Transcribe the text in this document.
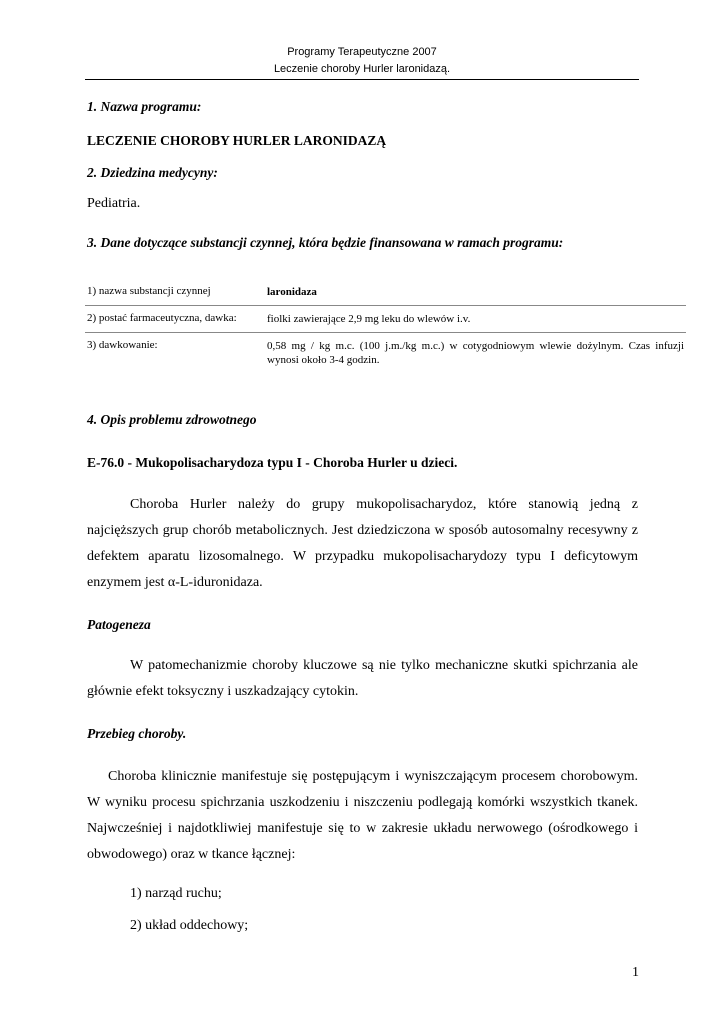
Programy Terapeutyczne 2007
Leczenie choroby Hurler laronidazą.
1. Nazwa programu:
LECZENIE CHOROBY HURLER LARONIDAZĄ
2. Dziedzina medycyny:
Pediatria.
3. Dane dotyczące substancji czynnej, która będzie finansowana w ramach programu:
1) nazwa substancji czynnej	laronidaza
2) postać farmaceutyczna, dawka:	fiolki zawierające 2,9 mg leku do wlewów i.v.
3) dawkowanie:	0,58 mg / kg m.c. (100 j.m./kg m.c.) w cotygodniowym wlewie dożylnym. Czas infuzji wynosi około 3-4 godzin.
4. Opis problemu zdrowotnego
E-76.0 - Mukopolisacharydoza typu I - Choroba Hurler u dzieci.
Choroba Hurler należy do grupy mukopolisacharydoz, które stanowią jedną z najcięższych grup chorób metabolicznych. Jest dziedziczona w sposób autosomalny recesywny z defektem aparatu lizosomalnego. W przypadku mukopolisacharydozy typu I deficytowym enzymem jest α-L-iduronidaza.
Patogeneza
W patomechanizmie choroby kluczowe są nie tylko mechaniczne skutki spichrzania ale głównie efekt toksyczny i uszkadzający cytokin.
Przebieg choroby.
Choroba klinicznie manifestuje się postępującym i wyniszczającym procesem chorobowym. W wyniku procesu spichrzania uszkodzeniu i niszczeniu podlegają komórki wszystkich tkanek. Najwcześniej i najdotkliwiej manifestuje się to w zakresie układu nerwowego (ośrodkowego i obwodowego) oraz w tkance łącznej:
1) narząd ruchu;
2) układ oddechowy;
1
